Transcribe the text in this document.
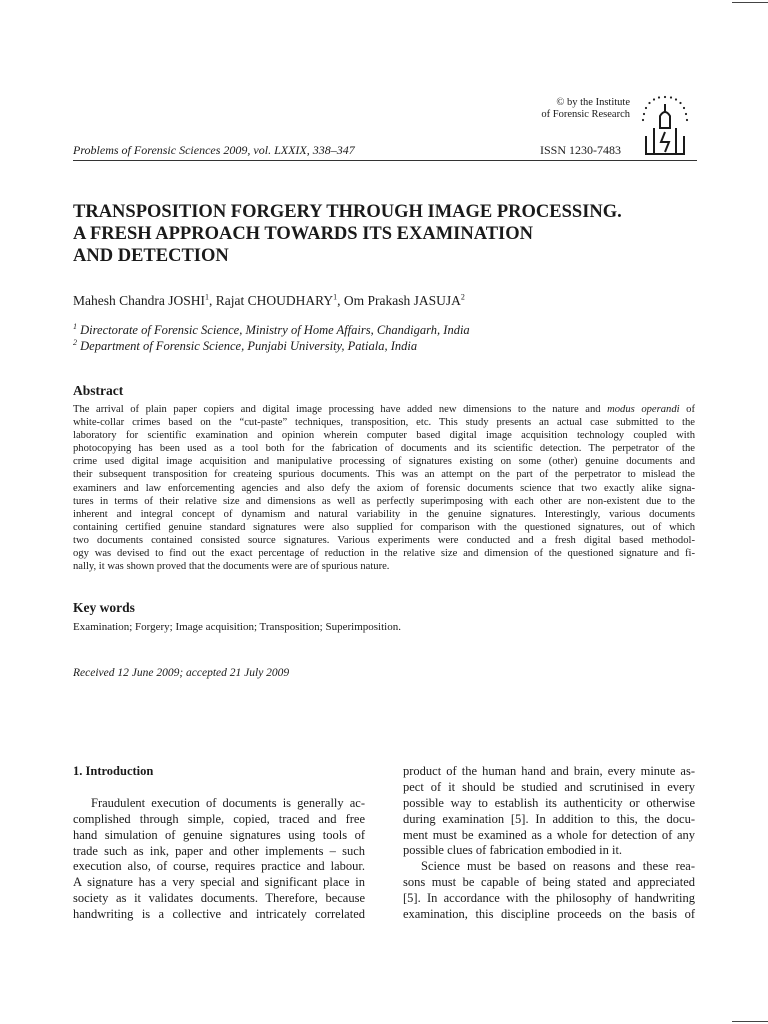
© by the Institute
of Forensic Research
Problems of Forensic Sciences 2009, vol. LXXIX, 338–347	ISSN 1230-7483
TRANSPOSITION FORGERY THROUGH IMAGE PROCESSING.
A FRESH APPROACH TOWARDS ITS EXAMINATION
AND DETECTION
Mahesh Chandra JOSHI$^1$, Rajat CHOUDHARY$^1$, Om Prakash JASUJA$^2$
$^1$ Directorate of Forensic Science, Ministry of Home Affairs, Chandigarh, India
$^2$ Department of Forensic Science, Punjabi University, Patiala, India
Abstract
The arrival of plain paper copiers and digital image processing have added new dimensions to the nature and modus operandi of
white-collar crimes based on the “cut-paste” techniques, transposition, etc. This study presents an actual case submitted to the
laboratory for scientific examination and opinion wherein computer based digital image acquisition technology coupled with
photocopying has been used as a tool both for the fabrication of documents and its scientific detection. The perpetrator of the
crime used digital image acquisition and manipulative processing of signatures existing on some (other) genuine documents and
their subsequent transposition for createing spurious documents. This was an attempt on the part of the perpetrator to mislead the
examiners and law enforcementing agencies and also defy the axiom of forensic documents science that two exactly alike signa-
tures in terms of their relative size and dimensions as well as perfectly superimposing with each other are non-existent due to the
inherent and integral concept of dynamism and natural variability in the genuine signatures. Interestingly, various documents
containing certified genuine standard signatures were also supplied for comparison with the questioned signatures, out of which
two documents contained consisted source signatures. Various experiments were conducted and a fresh digital based methodol-
ogy was devised to find out the exact percentage of reduction in the relative size and dimension of the questioned signature and fi-
nally, it was shown proved that the documents were are of spurious nature.
Key words
Examination; Forgery; Image acquisition; Transposition; Superimposition.
Received 12 June 2009; accepted 21 July 2009
1. Introduction
Fraudulent execution of documents is generally ac-
complished through simple, copied, traced and free
hand simulation of genuine signatures using tools of
trade such as ink, paper and other implements – such
execution also, of course, requires practice and labour.
A signature has a very special and significant place in
society as it validates documents. Therefore, because
handwriting is a collective and intricately correlated
product of the human hand and brain, every minute as-
pect of it should be studied and scrutinised in every
possible way to establish its authenticity or otherwise
during examination [5]. In addition to this, the docu-
ment must be examined as a whole for detection of any
possible clues of fabrication embodied in it.
Science must be based on reasons and these rea-
sons must be capable of being stated and appreciated
[5]. In accordance with the philosophy of handwriting
examination, this discipline proceeds on the basis of
